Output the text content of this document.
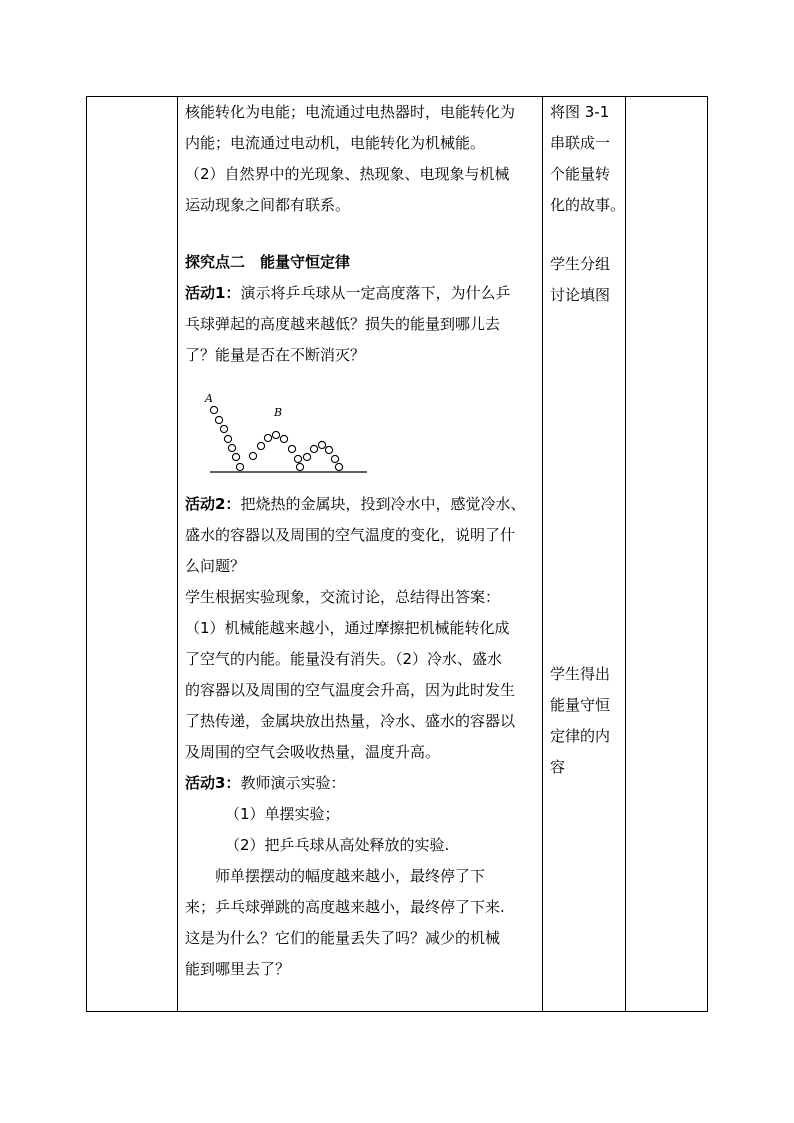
核能转化为电能；电流通过电热器时，电能转化为

内能；电流通过电动机，电能转化为机械能。

（2）自然界中的光现象、热现象、电现象与机械

运动现象之间都有联系。

探究点二　能量守恒定律

活动1：演示将乒乓球从一定高度落下，为什么乒

乓球弹起的高度越来越低？损失的能量到哪儿去

了？能量是否在不断消灭？

A
B

活动2：把烧热的金属块，投到冷水中，感觉冷水、

盛水的容器以及周围的空气温度的变化，说明了什

么问题？

学生根据实验现象，交流讨论，总结得出答案：

（1）机械能越来越小，通过摩擦把机械能转化成

了空气的内能。能量没有消失。（2）冷水、盛水

的容器以及周围的空气温度会升高，因为此时发生

了热传递，金属块放出热量，冷水、盛水的容器以

及周围的空气会吸收热量，温度升高。

活动3：教师演示实验：

（1）单摆实验；

（2）把乒乓球从高处释放的实验.

师单摆摆动的幅度越来越小，最终停了下

来；乒乓球弹跳的高度越来越小，最终停了下来.

这是为什么？它们的能量丢失了吗？减少的机械

能到哪里去了？

将图 3-1

串联成一

个能量转

化的故事。

学生分组

讨论填图

学生得出

能量守恒

定律的内

容
